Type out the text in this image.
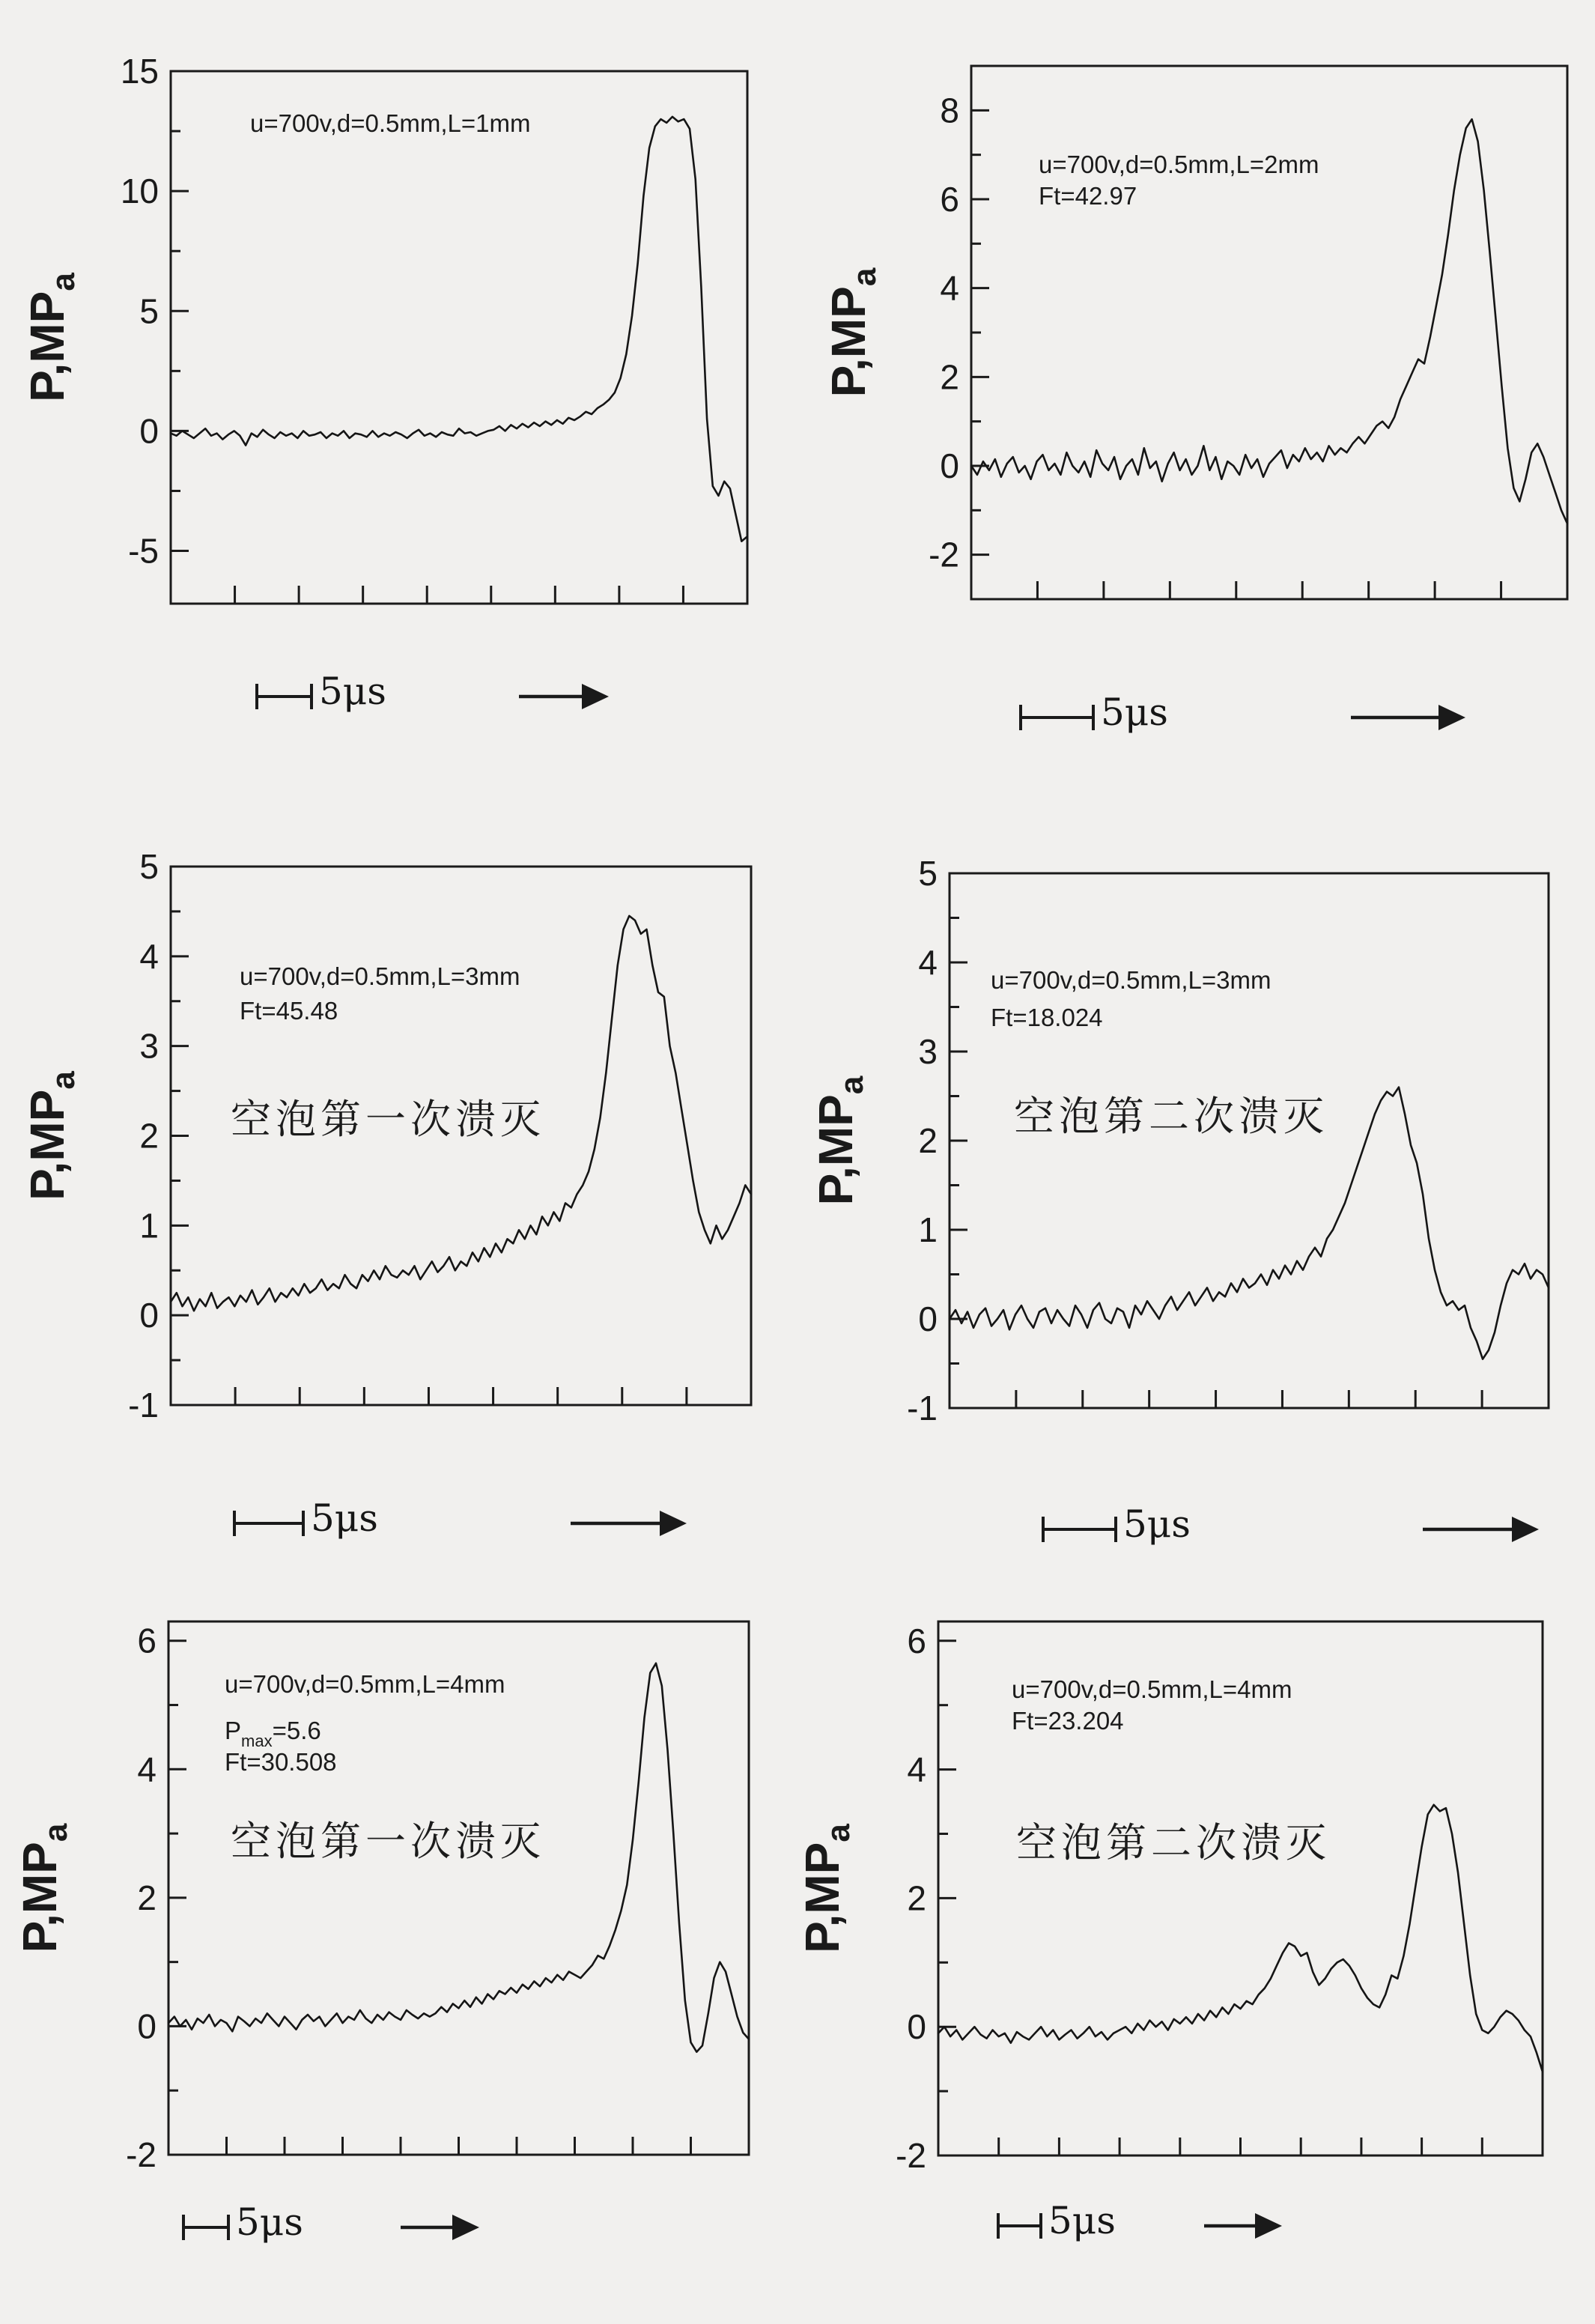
15
10
5
0
-5
u=700v,d=0.5mm,L=1mm
$P,MP_a$
8
6
4
2
0
-2
u=700v,d=0.5mm,L=2mm
Ft=42.97
$P,MP_a$
5
4
3
2
1
0
-1
u=700v,d=0.5mm,L=3mm
Ft=45.48
$P,MP_a$
空泡第一次溃灭
5
4
3
2
1
0
-1
u=700v,d=0.5mm,L=3mm
Ft=18.024
$P,MP_a$
空泡第二次溃灭
6
4
2
0
-2
u=700v,d=0.5mm,L=4mm
$P_{max}=5.6$
Ft=30.508
$P,MP_a$	空泡第一次溃灭
6
4
2
0
-2
u=700v,d=0.5mm,L=4mm
Ft=23.204
$P,MP_a$	空泡第二次溃灭
5μs	5μs
5μs	5μs
5μs	5μs
